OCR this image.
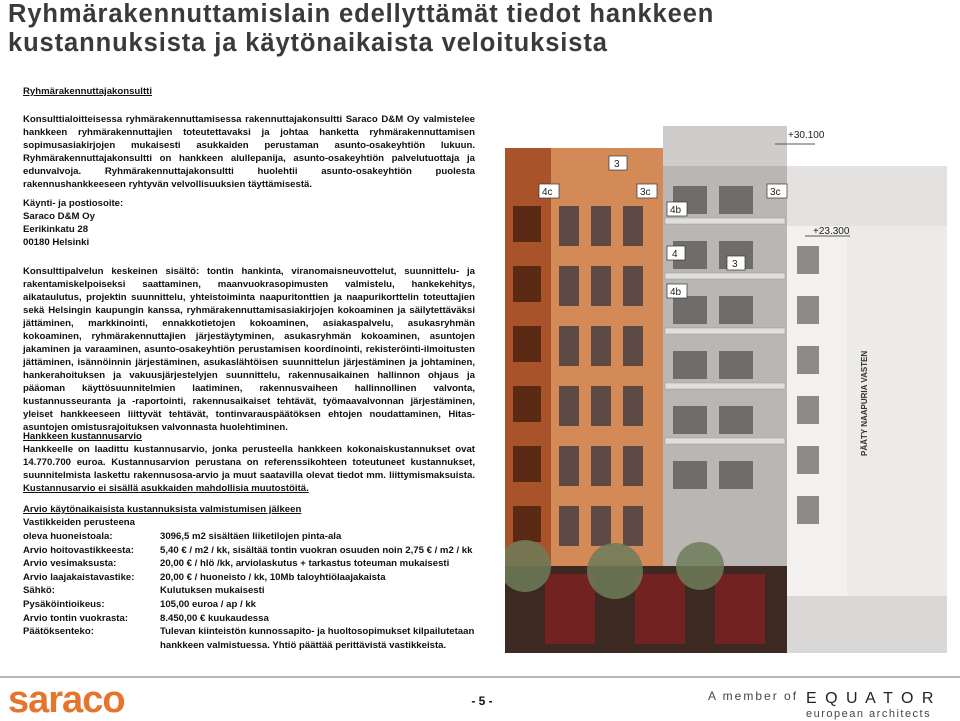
Ryhmärakennuttamislain edellyttämät tiedot hankkeen
kustannuksista ja käytönaikaista veloituksista
Ryhmärakennuttajakonsultti
Konsulttialoitteisessa ryhmärakennuttamisessa rakennuttajakonsultti Saraco D&M Oy valmistelee hankkeen ryhmärakennuttajien toteutettavaksi ja johtaa hanketta ryhmärakennuttamisen sopimusasiakirjojen mukaisesti asukkaiden perustaman asunto-osakeyhtiön lukuun. Ryhmärakennuttajakonsultti on hankkeen alullepanija, asunto-osakeyhtiön palvelutuottaja ja edunvalvoja. Ryhmärakennuttajakonsultti huolehtii asunto-osakeyhtiön puolesta rakennushankkeeseen ryhtyvän velvollisuuksien täyttämisestä.
Käynti- ja postiosoite:
Saraco D&M Oy
Eerikinkatu 28
00180 Helsinki
Konsulttipalvelun keskeinen sisältö: tontin hankinta, viranomaisneuvottelut, suunnittelu- ja rakentamiskelpoiseksi saattaminen, maanvuokrasopimusten valmistelu, hankekehitys, aikataulutus, projektin suunnittelu, yhteistoiminta naapuritonttien ja naapurikorttelin toteuttajien sekä Helsingin kaupungin kanssa, ryhmärakennuttamisasiakirjojen kokoaminen ja säilytettäväksi jättäminen, markkinointi, ennakkotietojen kokoaminen, asiakaspalvelu, asukasryhmän kokoaminen, ryhmärakennuttajien järjestäytyminen, asukasryhmän kokoaminen, asuntojen jakaminen ja varaaminen, asunto-osakeyhtiön perustamisen koordinointi, rekisteröinti-ilmoitusten jättäminen, isännöinnin järjestäminen, asukaslähtöisen suunnittelun järjestäminen ja johtaminen, hankerahoituksen ja vakuusjärjestelyjen suunnittelu, rakennusaikainen hallinnon ohjaus ja pääoman käyttösuunnitelmien laatiminen, rakennusvaiheen hallinnollinen valvonta, kustannusseuranta ja -raportointi, rakennusaikaiset tehtävät, työmaavalvonnan järjestäminen, yleiset hankkeeseen liittyvät tehtävät, tontinvarauspäätöksen ehtojen noudattaminen, Hitas-asuntojen omistusrajoituksen valvonnasta huolehtiminen.
Hankkeen kustannusarvio
Hankkeelle on laadittu kustannusarvio, jonka perusteella hankkeen kokonaiskustannukset ovat 14.770.700 euroa. Kustannusarvion perustana on referenssikohteen toteutuneet kustannukset, suunnitelmista laskettu rakennusosa-arvio ja muut saatavilla olevat tiedot mm. liittymismaksuista. Kustannusarvio ei sisällä asukkaiden mahdollisia muutostöitä.
Arvio käytönaikaisista kustannuksista valmistumisen jälkeen
Vastikkeiden perusteena
oleva huoneistoala:	3096,5 m2 sisältäen liiketilojen pinta-ala
Arvio hoitovastikkeesta:	5,40 € / m2 / kk, sisältää tontin vuokran osuuden noin 2,75 € / m2 / kk
Arvio vesimaksusta:	20,00 € / hlö /kk, arviolaskutus + tarkastus toteuman mukaisesti
Arvio laajakaistavastike:	20,00 € / huoneisto / kk, 10Mb taloyhtiölaajakaista
Sähkö:	Kulutuksen mukaisesti
Pysäköintioikeus:	105,00 euroa / ap / kk
Arvio tontin vuokrasta:	8.450,00 € kuukaudessa
Päätöksenteko:	Tulevan kiinteistön kunnossapito- ja huoltosopimukset kilpailutetaan hankkeen valmistuessa. Yhtiö päättää perittävistä vastikkeista.
+30.100
+23.300
3
4c	3c	3c
4b
4
3
4b
PÄÄTY NAAPURIA VASTEN
saraco	- 5 -	A member of E Q U A T O R
european architects
